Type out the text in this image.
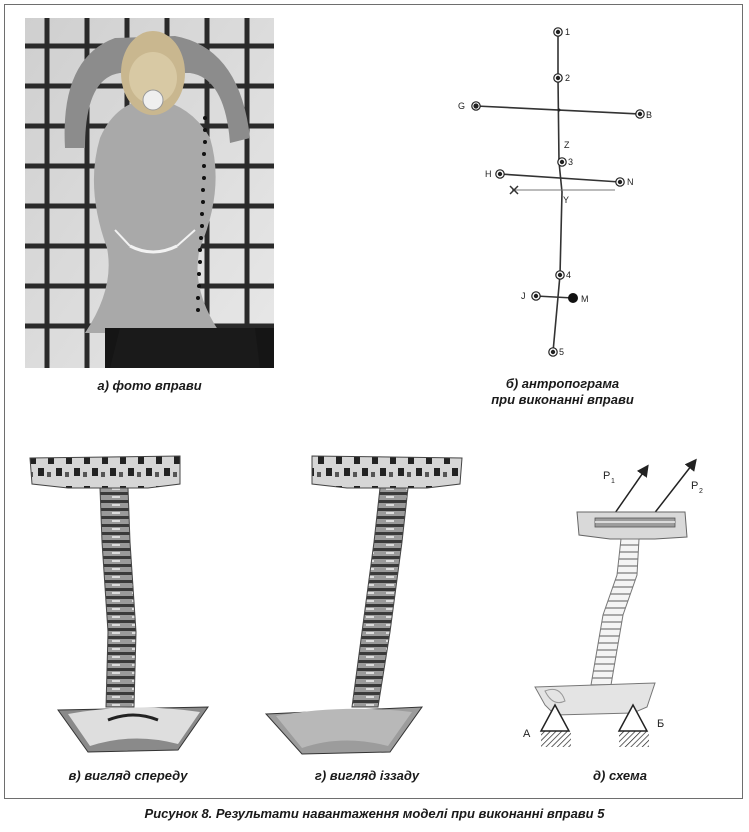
а) фото вправи
1
2
G
B
Z
3
H
N
Y
4
J	M
5
б) антропограма
при виконанні вправи
в) вигляд спереду	г) вигляд іззаду
P 1	P 2
А
Б
д) схема
Рисунок 8. Результати навантаження моделі при виконанні вправи 5
